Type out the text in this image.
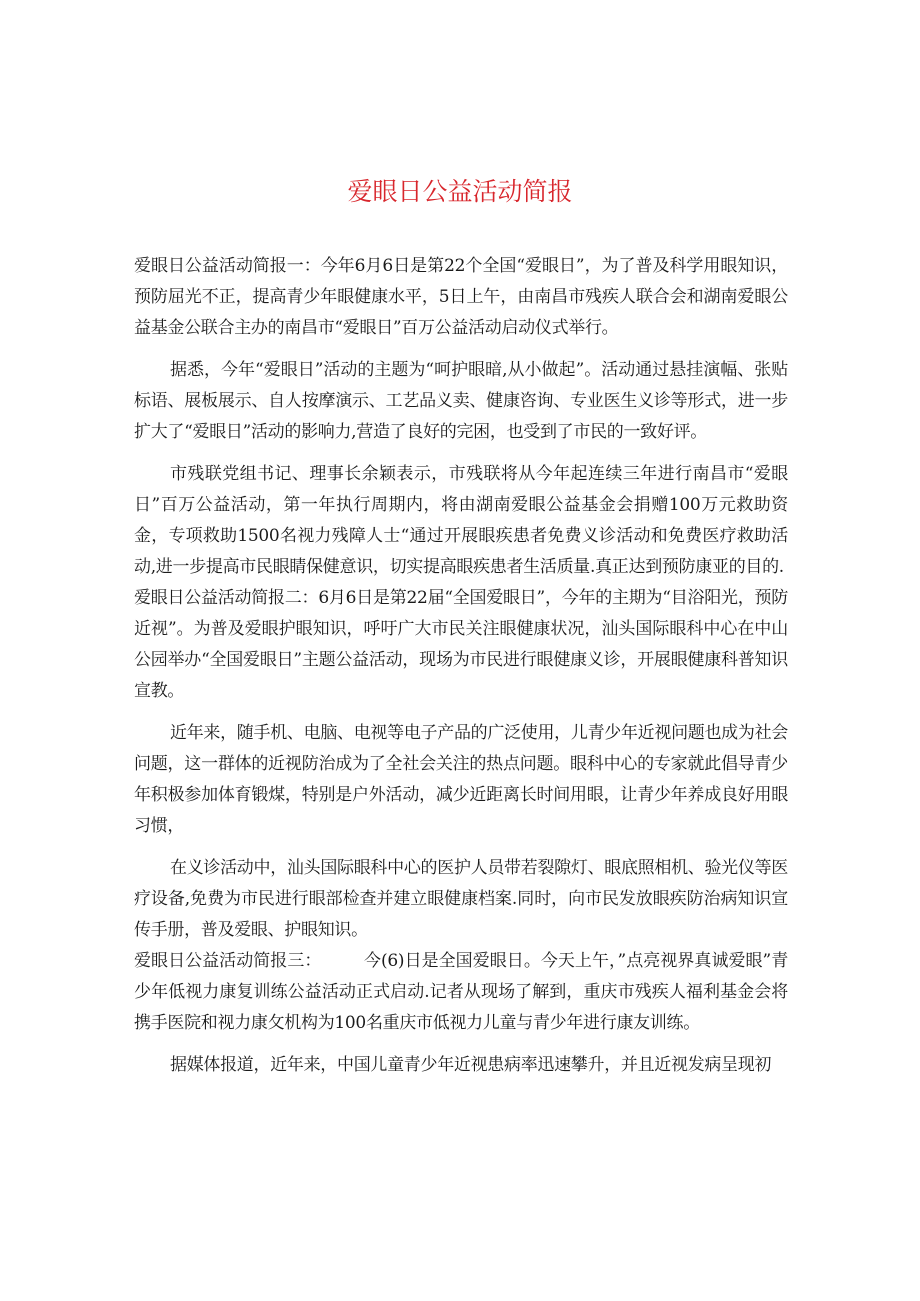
爱眼日公益活动简报

爱眼日公益活动简报一：今年6月6日是第22个全国“爱眼日”，为了普及科学用眼知识，预防屈光不正，提高青少年眼健康水平，5日上午，由南昌市残疾人联合会和湖南爱眼公益基金公联合主办的南昌市“爱眼日”百万公益活动启动仪式举行。

据悉，今年“爱眼日”活动的主题为“呵护眼暗,从小做起”。活动通过悬挂演幅、张贴标语、展板展示、自人按摩演示、工艺品义卖、健康咨询、专业医生义诊等形式，进一步扩大了“爱眼日”活动的影响力,营造了良好的完困，也受到了市民的一致好评。

市残联党组书记、理事长余颖表示，市残联将从今年起连续三年进行南昌市“爱眼日”百万公益活动，第一年执行周期内，将由湖南爱眼公益基金会捐赠100万元救助资金，专项救助1500名视力残障人士“通过开展眼疾患者免费义诊活动和免费医疗救助活动,进一步提高市民眼睛保健意识，切实提高眼疾患者生活质量.真正达到预防康亚的目的.

爱眼日公益活动简报二：6月6日是第22届“全国爱眼日”，今年的主期为“目浴阳光，预防近视”。为普及爱眼护眼知识，呼吁广大市民关注眼健康状况，汕头国际眼科中心在中山公园举办“全国爱眼日”主题公益活动，现场为市民进行眼健康义诊，开展眼健康科普知识宣教。

近年来，随手机、电脑、电视等电子产品的广泛使用，儿青少年近视问题也成为社会问题，这一群体的近视防治成为了全社会关注的热点问题。眼科中心的专家就此倡导青少年积极参加体育锻煤，特别是户外活动，减少近距离长时间用眼，让青少年养成良好用眼习惯，

在义诊活动中，汕头国际眼科中心的医护人员带若裂隙灯、眼底照相机、验光仪等医疗设备,免费为市民进行眼部检查并建立眼健康档案.同时，向市民发放眼疾防治病知识宣传手册，普及爱眼、护眼知识。

爱眼日公益活动简报三：　　　今(6)日是全国爱眼日。今天上午，”点亮视界真诚爱眼”青少年低视力康复训练公益活动正式启动.记者从现场了解到，重庆市残疾人福利基金会将携手医院和视力康攵机构为100名重庆市低视力儿童与青少年进行康友训练。

据媒体报道，近年来，中国儿童青少年近视患病率迅速攀升，并且近视发病呈现初
